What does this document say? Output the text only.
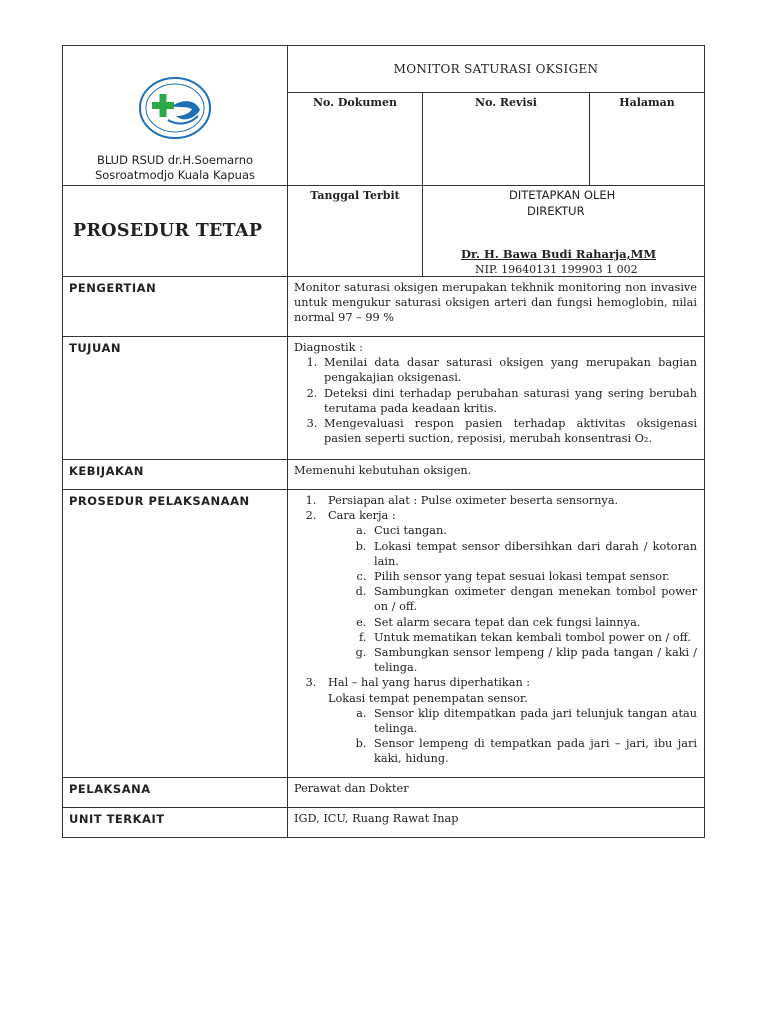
BLUD RSUD dr.H.Soemarno
Sosroatmodjo Kuala Kapuas
MONITOR SATURASI OKSIGEN
No. Dokumen	No. Revisi	Halaman
PROSEDUR TETAP
Tanggal Terbit	DITETAPKAN OLEH
DIREKTUR
Dr. H. Bawa Budi Raharja,MM
NIP. 19640131 199903 1 002
PENGERTIAN	Monitor saturasi oksigen merupakan tekhnik monitoring non invasive untuk mengukur saturasi oksigen arteri dan fungsi hemoglobin, nilai normal 97 – 99 %
TUJUAN	Diagnostik :
1. Menilai data dasar saturasi oksigen yang merupakan bagian pengakajian oksigenasi.
2. Deteksi dini terhadap perubahan saturasi yang sering berubah terutama pada keadaan kritis.
3. Mengevaluasi respon pasien terhadap aktivitas oksigenasi pasien seperti suction, reposisi, merubah konsentrasi O₂.
KEBIJAKAN	Memenuhi kebutuhan oksigen.
PROSEDUR PELAKSANAAN
1.	Persiapan alat : Pulse oximeter beserta sensornya.
2. Cara kerja :
a. Cuci tangan.
b. Lokasi tempat sensor dibersihkan dari darah / kotoran lain.
c. Pilih sensor yang tepat sesuai lokasi tempat sensor.
d. Sambungkan oximeter dengan menekan tombol power on / off.
e. Set alarm secara tepat dan cek fungsi lainnya.
f. Untuk mematikan tekan kembali tombol power on / off.
g. Sambungkan sensor lempeng / klip pada tangan / kaki / telinga.
3. Hal – hal yang harus diperhatikan :
Lokasi tempat penempatan sensor.
a. Sensor klip ditempatkan pada jari telunjuk tangan atau telinga.
b. Sensor lempeng di tempatkan pada jari – jari, ibu jari kaki, hidung.
PELAKSANA	Perawat dan Dokter
UNIT TERKAIT	IGD, ICU, Ruang Rawat Inap
